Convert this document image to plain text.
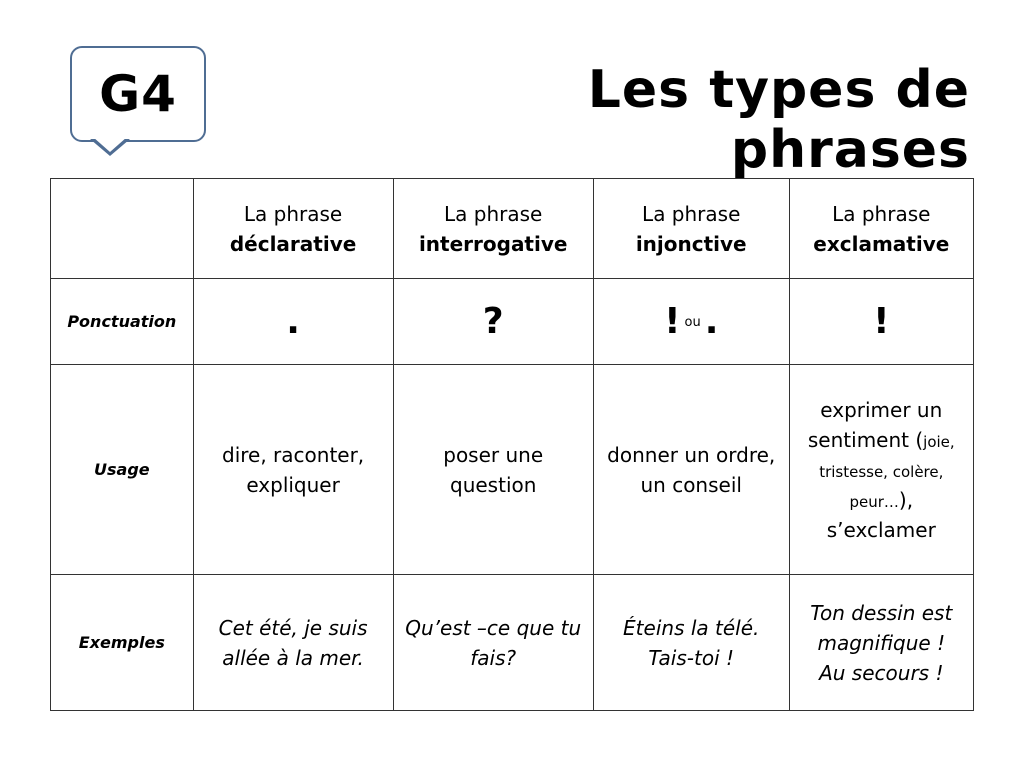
G4	Les types de phrases

	La phrase
déclarative	La phrase
interrogative	La phrase
injonctive	La phrase
exclamative

Ponctuation	.	?	! ou .	!
Usage	dire, raconter, expliquer	poser une question	donner un ordre, un conseil	exprimer un sentiment (joie, tristesse, colère, peur…),
s’exclamer

Exemples	Cet été, je suis allée à la mer.	Qu’est –ce que tu fais?	Éteins la télé.
Tais-toi !	Ton dessin est magnifique !
Au secours !
